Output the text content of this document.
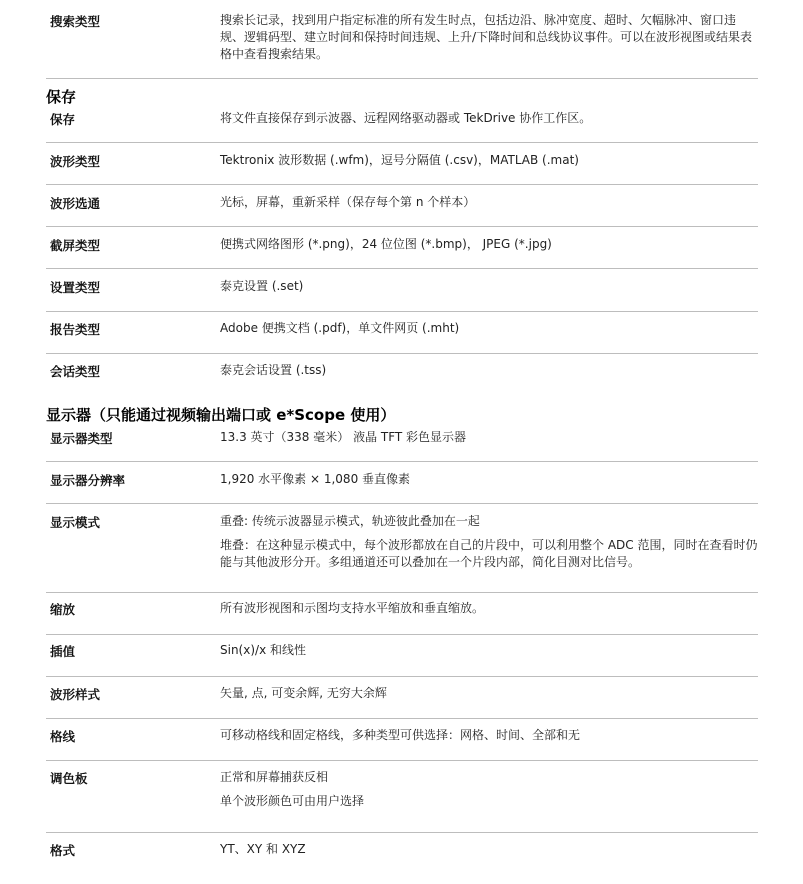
搜索类型	搜索长记录，找到用户指定标准的所有发生时点，包括边沿、脉冲宽度、超时、欠幅脉冲、窗口违规、逻辑码型、建立时间和保持时间违规、上升/下降时间和总线协议事件。可以在波形视图或结果表格中查看搜索结果。
保存
保存	将文件直接保存到示波器、远程网络驱动器或 TekDrive 协作工作区。
波形类型	Tektronix 波形数据 (.wfm)，逗号分隔值 (.csv)，MATLAB (.mat)
波形选通	光标，屏幕，重新采样（保存每个第 n 个样本）
截屏类型	便携式网络图形 (*.png)，24 位位图 (*.bmp)， JPEG (*.jpg)
设置类型	泰克设置 (.set)
报告类型	Adobe 便携文档 (.pdf)，单文件网页 (.mht)
会话类型	泰克会话设置 (.tss)
显示器（只能通过视频输出端口或 e*Scope 使用）
显示器类型	13.3 英寸（338 毫米） 液晶 TFT 彩色显示器
显示器分辨率	1,920 水平像素 × 1,080 垂直像素
显示模式	重叠: 传统示波器显示模式，轨迹彼此叠加在一起

堆叠：在这种显示模式中，每个波形都放在自己的片段中，可以利用整个 ADC 范围，同时在查看时仍能与其他波形分开。多组通道还可以叠加在一个片段内部，简化目测对比信号。

缩放	所有波形视图和示图均支持水平缩放和垂直缩放。
插值	Sin(x)/x 和线性
波形样式	矢量, 点, 可变余辉, 无穷大余辉
格线	可移动格线和固定格线，多种类型可供选择：网格、时间、全部和无
调色板	正常和屏幕捕获反相

单个波形颜色可由用户选择

格式	YT、XY 和 XYZ
